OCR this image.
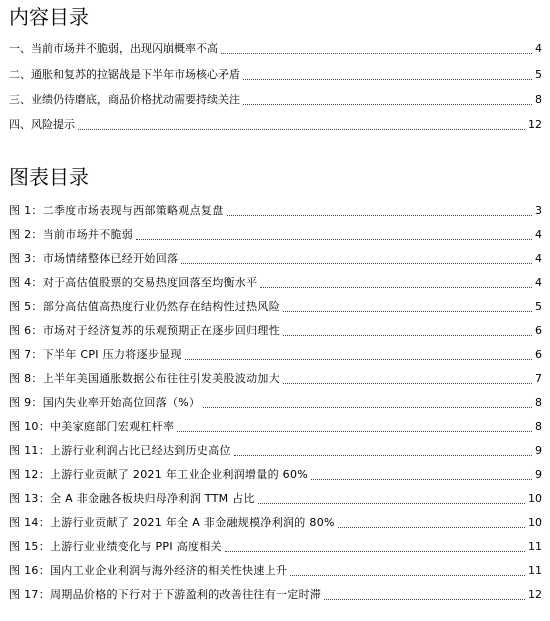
内容目录
一、当前市场并不脆弱，出现闪崩概率不高	4
二、通胀和复苏的拉锯战是下半年市场核心矛盾	5
三、业绩仍待磨底，商品价格扰动需要持续关注	8
四、风险提示	12
图表目录
图 1：二季度市场表现与西部策略观点复盘	3
图 2：当前市场并不脆弱	4
图 3：市场情绪整体已经开始回落	4
图 4：对于高估值股票的交易热度回落至均衡水平	4
图 5：部分高估值高热度行业仍然存在结构性过热风险	5
图 6：市场对于经济复苏的乐观预期正在逐步回归理性	6
图 7：下半年 CPI 压力将逐步显现	6
图 8：上半年美国通胀数据公布往往引发美股波动加大	7
图 9：国内失业率开始高位回落（%）	8
图 10：中美家庭部门宏观杠杆率	8
图 11：上游行业利润占比已经达到历史高位	9
图 12：上游行业贡献了 2021 年工业企业利润增量的 60%	9
图 13：全 A 非金融各板块归母净利润 TTM 占比	10
图 14：上游行业贡献了 2021 年全 A 非金融规模净利润的 80%	10
图 15：上游行业业绩变化与 PPI 高度相关	11
图 16：国内工业企业利润与海外经济的相关性快速上升	11
图 17：周期品价格的下行对于下游盈利的改善往往有一定时滞	12
